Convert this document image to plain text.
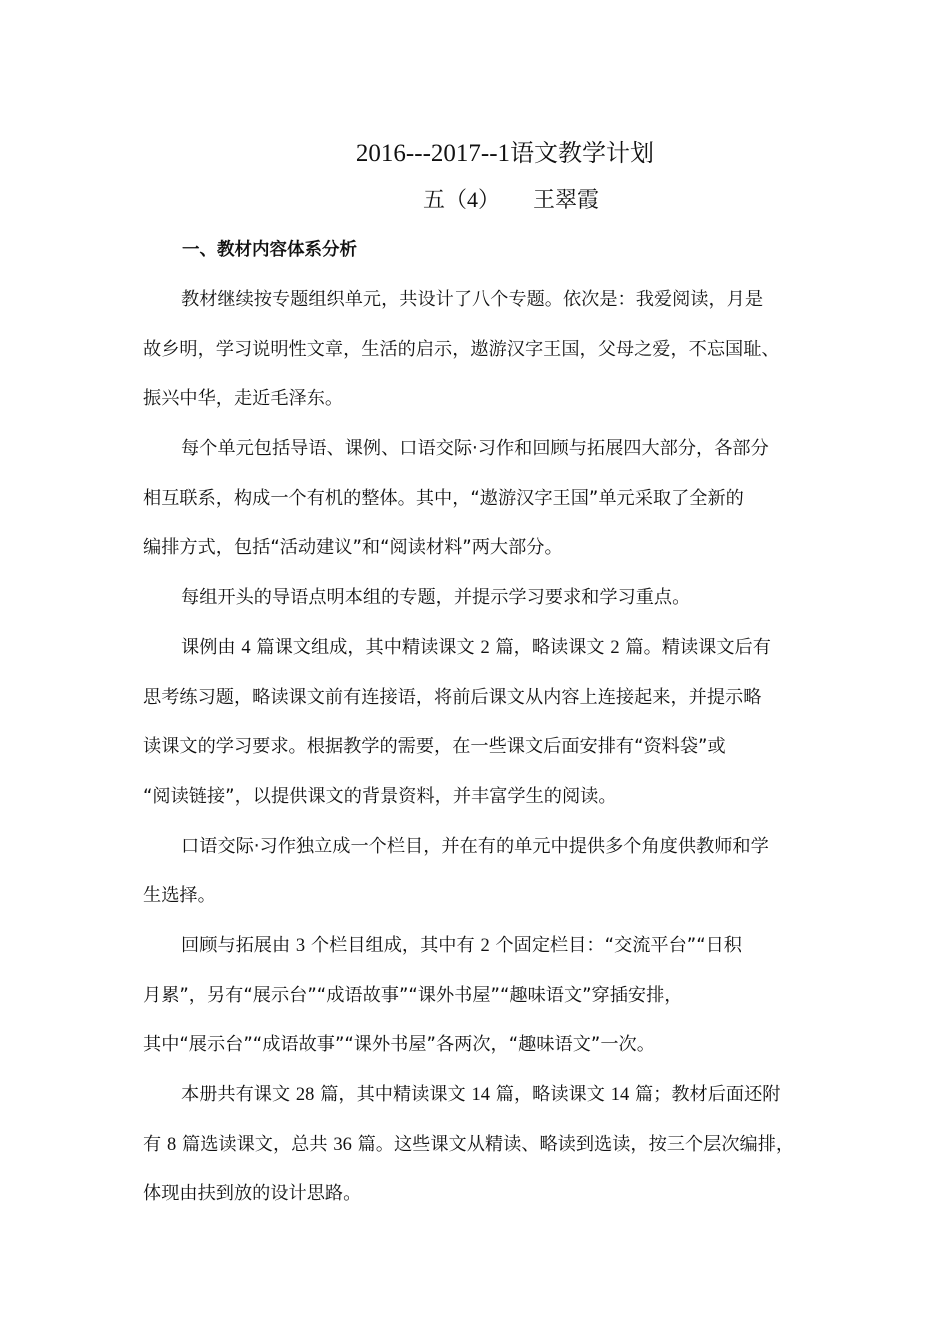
2016---2017--1语文教学计划
五（4） 王翠霞
一、教材内容体系分析
教材继续按专题组织单元，共设计了八个专题。依次是：我爱阅读，月是
故乡明，学习说明性文章，生活的启示，遨游汉字王国，父母之爱，不忘国耻、
振兴中华，走近毛泽东。
每个单元包括导语、课例、口语交际·习作和回顾与拓展四大部分，各部分
相互联系，构成一个有机的整体。其中，“遨游汉字王国”单元采取了全新的
编排方式，包括“活动建议”和“阅读材料”两大部分。
每组开头的导语点明本组的专题，并提示学习要求和学习重点。
课例由 4 篇课文组成，其中精读课文 2 篇，略读课文 2 篇。精读课文后有
思考练习题，略读课文前有连接语，将前后课文从内容上连接起来，并提示略
读课文的学习要求。根据教学的需要，在一些课文后面安排有“资料袋”或
“阅读链接”，以提供课文的背景资料，并丰富学生的阅读。
口语交际·习作独立成一个栏目，并在有的单元中提供多个角度供教师和学
生选择。
回顾与拓展由 3 个栏目组成，其中有 2 个固定栏目：“交流平台”“日积
月累”，另有“展示台”“成语故事”“课外书屋”“趣味语文”穿插安排，
其中“展示台”“成语故事”“课外书屋”各两次，“趣味语文”一次。
本册共有课文 28 篇，其中精读课文 14 篇，略读课文 14 篇；教材后面还附
有 8 篇选读课文，总共 36 篇。这些课文从精读、略读到选读，按三个层次编排，
体现由扶到放的设计思路。
